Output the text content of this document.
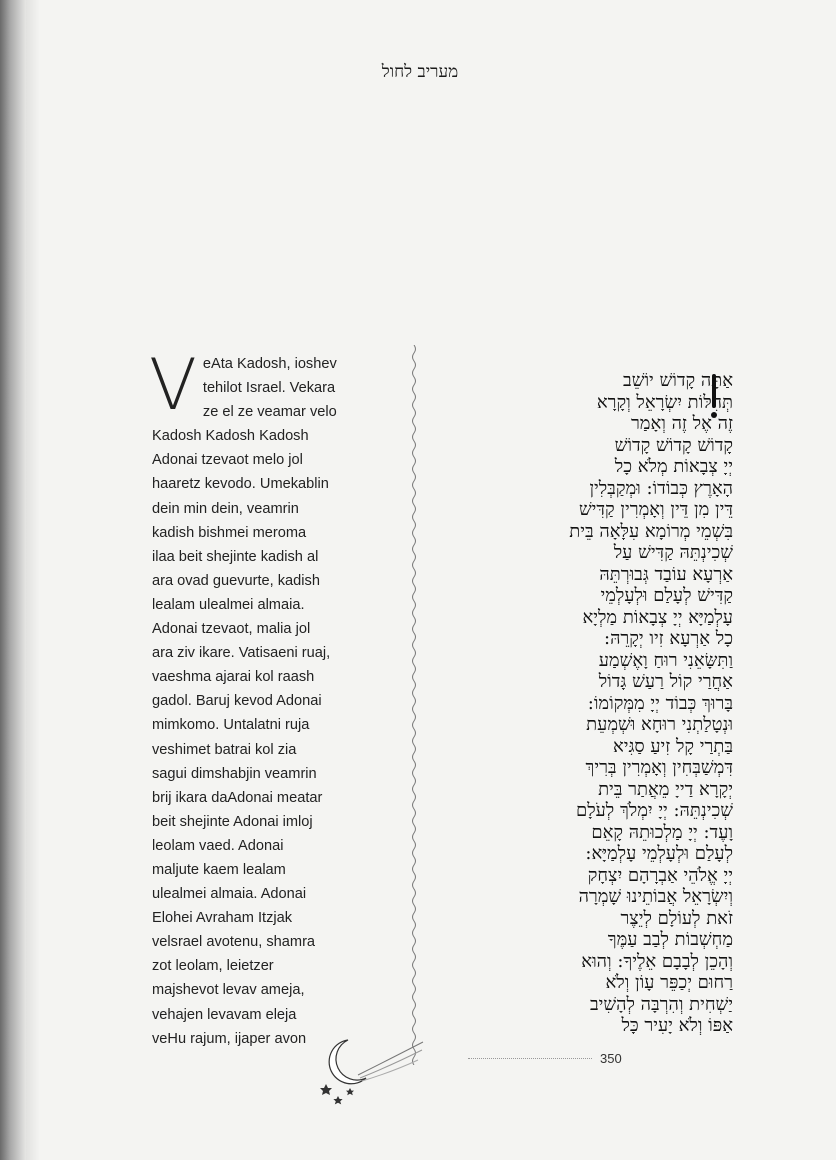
מעריב לחול
V eAta Kadosh, ioshev
tehilot Israel. Vekara
ze el ze veamar velo
Kadosh Kadosh Kadosh
Adonai tzevaot melo jol
haaretz kevodo. Umekablin
dein min dein, veamrin
kadish bishmei meroma
ilaa beit shejinte kadish al
ara ovad guevurte, kadish
lealam ulealmei almaia.
Adonai tzevaot, malia jol
ara ziv ikare. Vatisaeni ruaj,
vaeshma ajarai kol raash
gadol. Baruj kevod Adonai
mimkomo. Untalatni ruja
veshimet batrai kol zia
sagui dimshabjin veamrin
brij ikara daAdonai meatar
beit shejinte Adonai imloj
leolam vaed. Adonai
maljute kaem lealam
ulealmei almaia. Adonai
Elohei Avraham Itzjak
velsrael avotenu, shamra
zot leolam, leietzer
majshevot levav ameja,
vehajen levavam eleja
veHu rajum, ijaper avon
אַתָּה קָדוֹשׁ יוֹשֵׁב
תְּהִלּוֹת יִשְׂרָאֵל וְקָרָא
זֶה אֶל זֶה וְאָמַר
קָדוֹשׁ קָדוֹשׁ קָדוֹשׁ
יְיָ צְבָאוֹת מְלֹא כָל
הָאָרֶץ כְּבוֹדוֹ: וּמְקַבְּלִין
דֵּין מִן דֵּין וְאָמְרִין קַדִּישׁ
בִּשְׁמֵי מְרוֹמָא עִלָּאָה בֵּית
שְׁכִינְתֵּהּ קַדִּישׁ עַל
אַרְעָא עוֹבַד גְּבוּרְתֵּהּ
קַדִּישׁ לְעָלַם וּלְעָלְמֵי
עָלְמַיָּא יְיָ צְבָאוֹת מַלְיָא
כָל אַרְעָא זִיו יְקָרֵהּ:
וַתִּשָּׂאֵנִי רוּחַ וָאֶשְׁמַע
אַחֲרַי קוֹל רַעַשׁ גָּדוֹל
בָּרוּךְ כְּבוֹד יְיָ מִמְּקוֹמוֹ:
וּנְטָלַתְנִי רוּחָא וּשְׁמְעֵת
בַּתְרַי קָל זִיעַ סַגִּיא
דִּמְשַׁבְּחִין וְאָמְרִין בְּרִיךְ
יְקָרָא דַייָ מֵאֲתַר בֵּית
שְׁכִינְתֵּהּ: יְיָ יִמְלֹךְ לְעֹלָם
וָעֶד: יְיָ מַלְכוּתֵהּ קָאֵם
לְעָלַם וּלְעָלְמֵי עָלְמַיָּא:
יְיָ אֱלֹהֵי אַבְרָהָם יִצְחָק
וְיִשְׂרָאֵל אֲבוֹתֵינוּ שָׁמְרָה
זֹאת לְעוֹלָם לְיֵצֶר
מַחְשְׁבוֹת לְבַב עַמֶּךָ
וְהָכֵן לְבָבָם אֵלֶיךָ: וְהוּא
רַחוּם יְכַפֵּר עָוֹן וְלֹא
יַשְׁחִית וְהִרְבָּה לְהָשִׁיב
אַפּוֹ וְלֹא יָעִיר כָּל
350
